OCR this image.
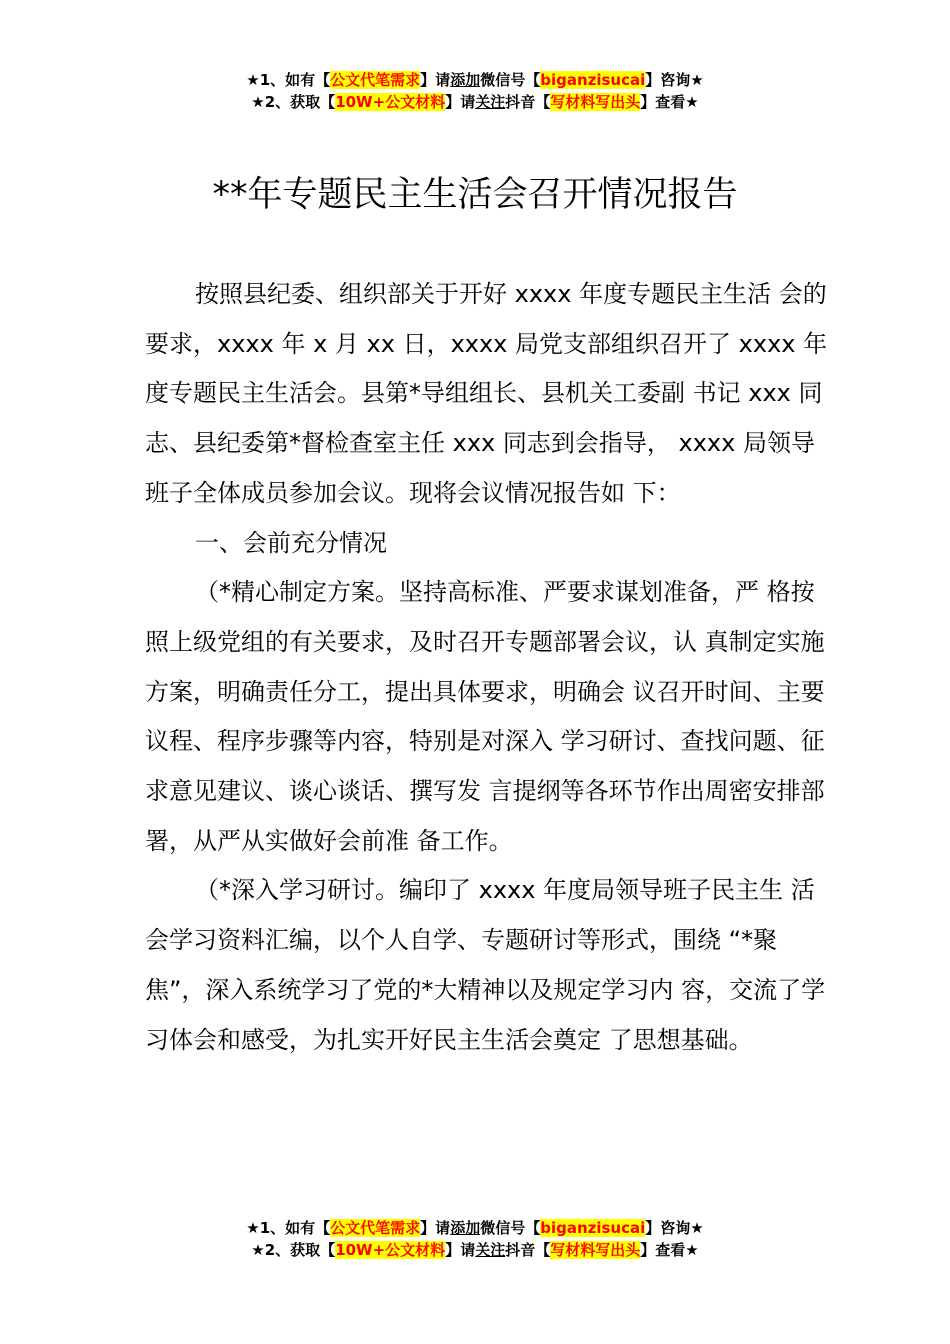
★1、如有【公文代笔需求】请添加微信号【biganzisucai】咨询★
★2、获取【10W+公文材料】请关注抖音【写材料写出头】查看★
**年专题民主生活会召开情况报告
按照县纪委、组织部关于开好 xxxx 年度专题民主生活 会的要求，xxxx 年 x 月 xx 日，xxxx 局党支部组织召开了 xxxx 年度专题民主生活会。县第*导组组长、县机关工委副 书记 xxx 同志、县纪委第*督检查室主任 xxx 同志到会指导， xxxx 局领导班子全体成员参加会议。现将会议情况报告如 下：
一、会前充分情况
（*精心制定方案。坚持高标准、严要求谋划准备，严 格按照上级党组的有关要求，及时召开专题部署会议，认 真制定实施方案，明确责任分工，提出具体要求，明确会 议召开时间、主要议程、程序步骤等内容，特别是对深入 学习研讨、查找问题、征求意见建议、谈心谈话、撰写发 言提纲等各环节作出周密安排部署，从严从实做好会前准 备工作。
（*深入学习研讨。编印了 xxxx 年度局领导班子民主生 活会学习资料汇编，以个人自学、专题研讨等形式，围绕 “*聚焦”，深入系统学习了党的*大精神以及规定学习内 容，交流了学习体会和感受，为扎实开好民主生活会奠定 了思想基础。
★1、如有【公文代笔需求】请添加微信号【biganzisucai】咨询★
★2、获取【10W+公文材料】请关注抖音【写材料写出头】查看★
